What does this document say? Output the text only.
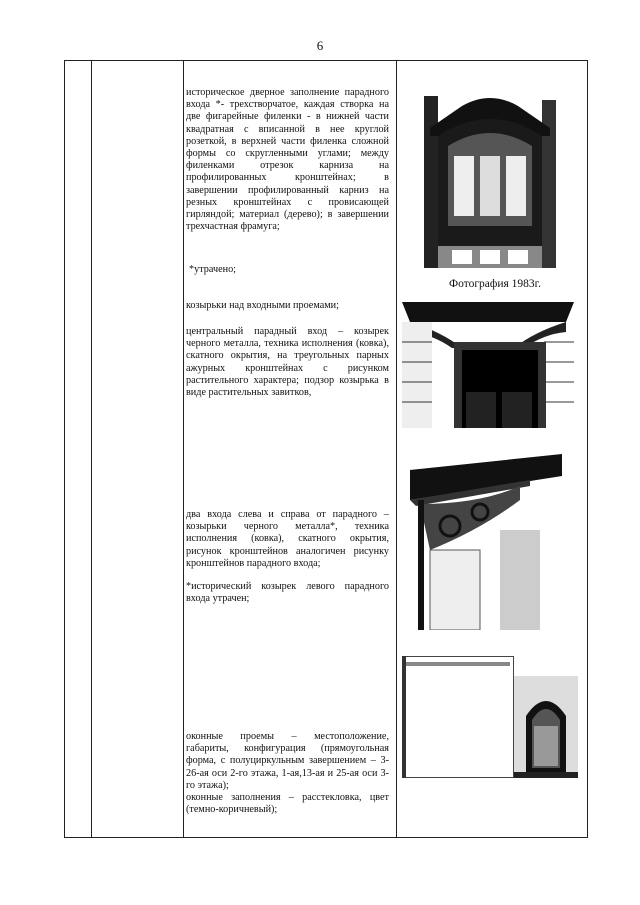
6

историческое дверное заполнение парадного входа *- трехстворчатое, каждая створка на две фигарейные филенки - в нижней части квадратная с вписанной в нее круглой розеткой, в верхней части филенка сложной формы со скругленными углами; между филенками отрезок карниза на профилированных кронштейнах; в завершении профилированный карниз на резных кронштейнах с провисающей гирляндой; материал (дерево); в завершении трехчастная фрамуга;

*утрачено;

козырьки над входными проемами;

центральный парадный вход – козырек черного металла, техника исполнения (ковка), скатного окрытия, на треугольных парных ажурных кронштейнах с рисунком растительного характера; подзор козырька в виде растительных завитков,

два входа слева и справа от парадного – козырьки черного металла*, техника исполнения (ковка), скатного окрытия, рисунок кронштейнов аналогичен рисунку кронштейнов парадного входа;

*исторический козырек левого парадного входа утрачен;

оконные проемы – местоположение, габариты, конфигурация (прямоугольная форма, с полуциркульным завершением – 3-26-ая оси 2-го этажа, 1-ая,13-ая и 25-ая оси 3-го этажа);

оконные заполнения – расстекловка, цвет (темно-коричневый);

Фотография 1983г.
